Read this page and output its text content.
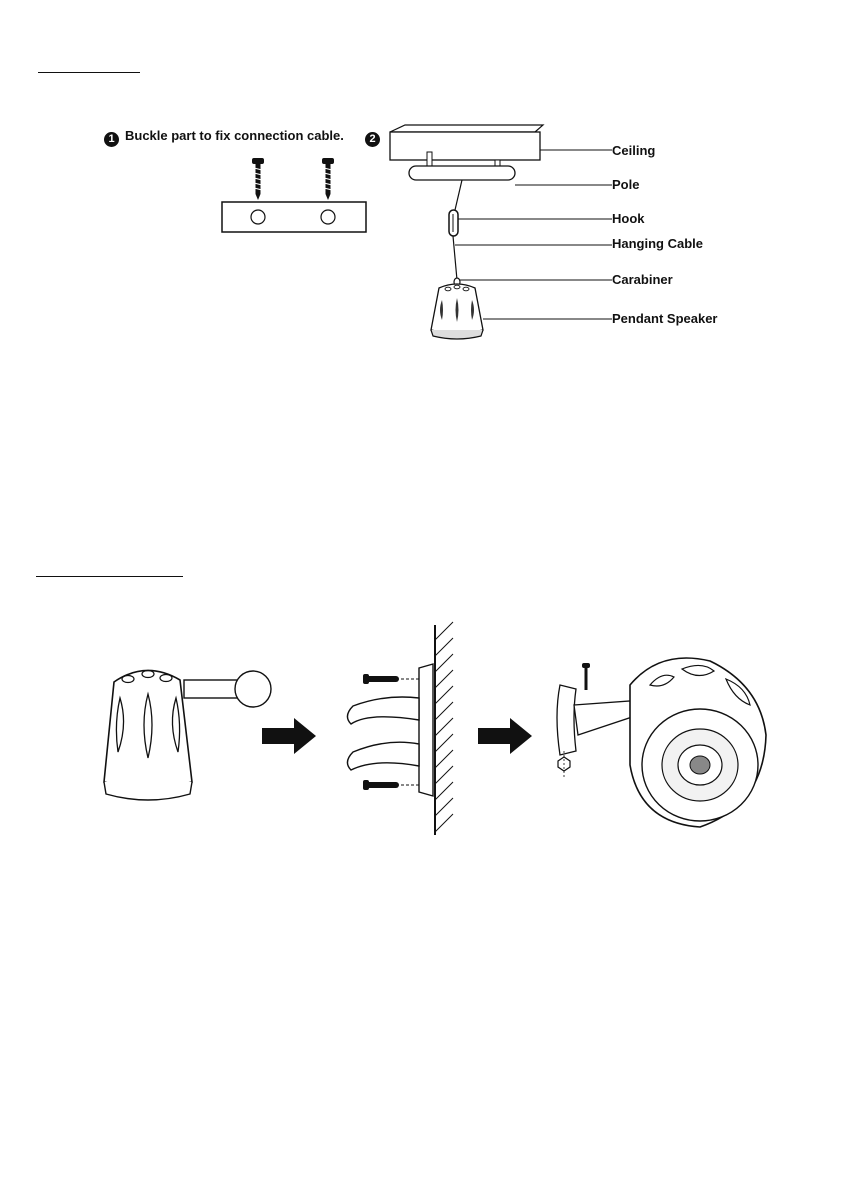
1 Buckle part to fix connection cable.	2
Ceiling
Pole
Hook
Hanging Cable
Carabiner
Pendant Speaker
